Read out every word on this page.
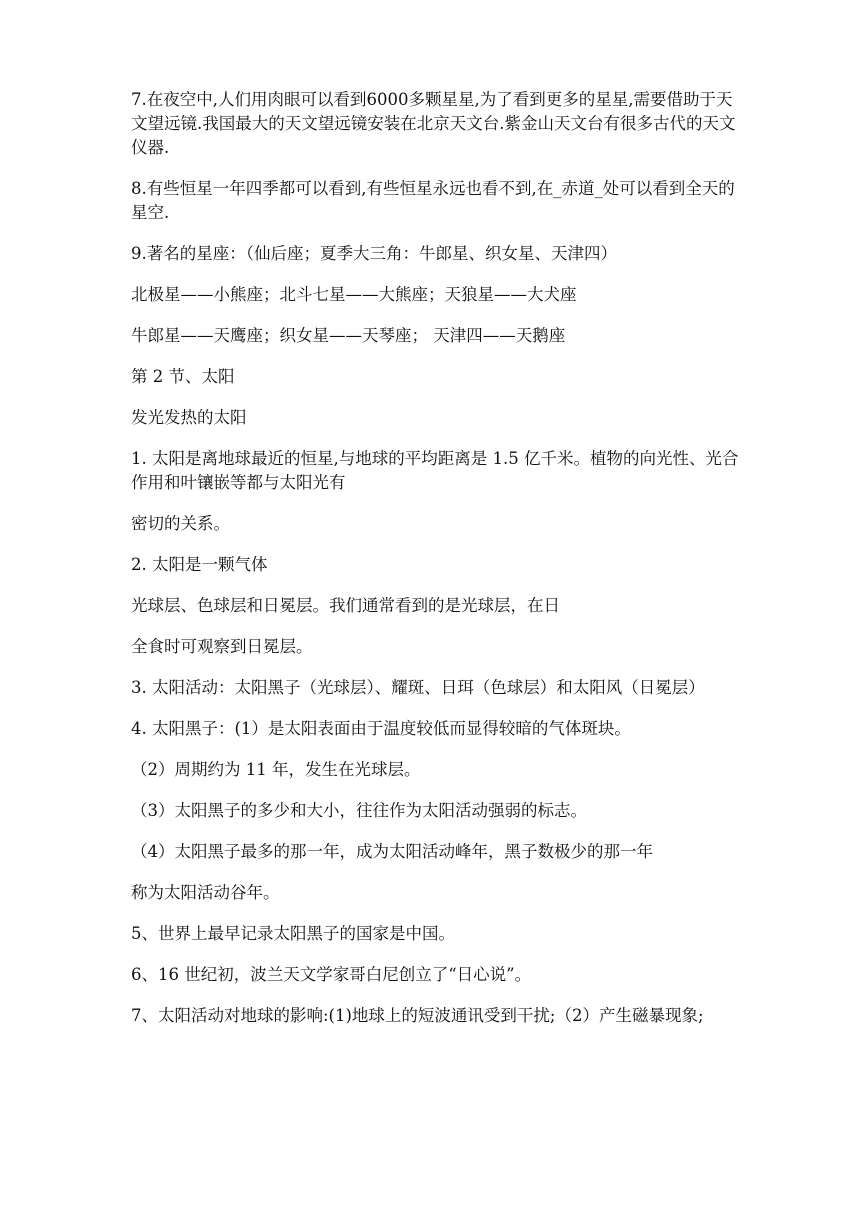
7.在夜空中,人们用肉眼可以看到6000多颗星星,为了看到更多的星星,需要借助于天文望远镜.我国最大的天文望远镜安装在北京天文台.紫金山天文台有很多古代的天文仪器.

8.有些恒星一年四季都可以看到,有些恒星永远也看不到,在_赤道_处可以看到全天的星空.

9.著名的星座：（仙后座；夏季大三角：牛郎星、织女星、天津四）

北极星——小熊座；北斗七星——大熊座；天狼星——大犬座

牛郎星——天鹰座；织女星——天琴座； 天津四——天鹅座

第 2 节、太阳

发光发热的太阳

1. 太阳是离地球最近的恒星,与地球的平均距离是 1.5 亿千米。植物的向光性、光合作用和叶镶嵌等都与太阳光有

密切的关系。

2. 太阳是一颗气体

光球层、色球层和日冕层。我们通常看到的是光球层，在日

全食时可观察到日冕层。

3. 太阳活动：太阳黑子（光球层）、耀斑、日珥（色球层）和太阳风（日冕层）

4. 太阳黑子：(1）是太阳表面由于温度较低而显得较暗的气体斑块。

（2）周期约为 11 年，发生在光球层。

（3）太阳黑子的多少和大小，往往作为太阳活动强弱的标志。

（4）太阳黑子最多的那一年，成为太阳活动峰年，黑子数极少的那一年

称为太阳活动谷年。

5、世界上最早记录太阳黑子的国家是中国。

6、16 世纪初，波兰天文学家哥白尼创立了“日心说”。

7、太阳活动对地球的影响:(1)地球上的短波通讯受到干扰;（2）产生磁暴现象;
